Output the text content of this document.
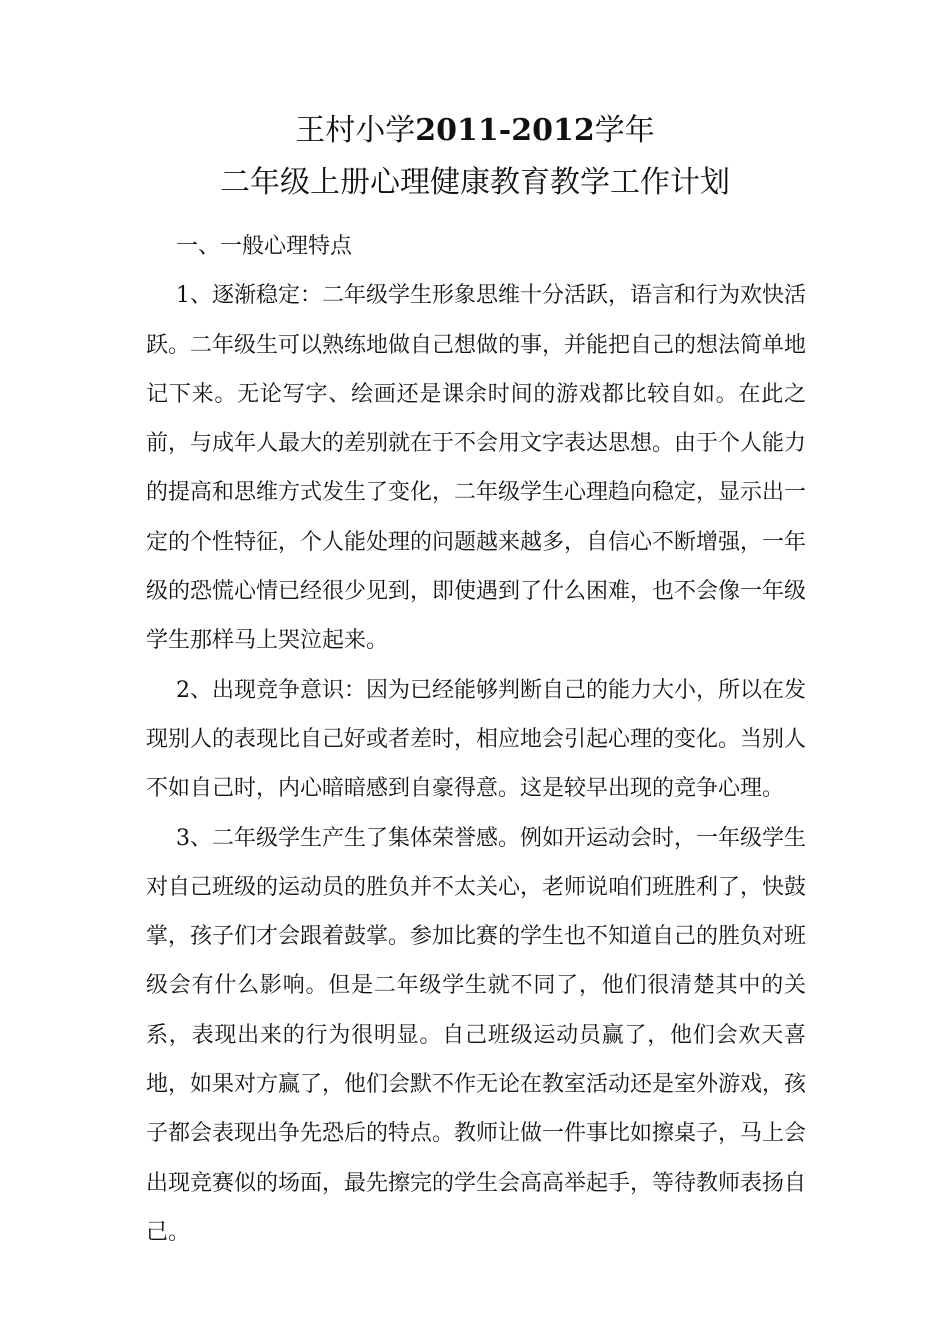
王村小学2011-2012学年
二年级上册心理健康教育教学工作计划

一、一般心理特点

1、逐渐稳定：二年级学生形象思维十分活跃，语言和行为欢快活跃。二年级生可以熟练地做自己想做的事，并能把自己的想法简单地记下来。无论写字、绘画还是课余时间的游戏都比较自如。在此之前，与成年人最大的差别就在于不会用文字表达思想。由于个人能力的提高和思维方式发生了变化，二年级学生心理趋向稳定，显示出一定的个性特征，个人能处理的问题越来越多，自信心不断增强，一年级的恐慌心情已经很少见到，即使遇到了什么困难，也不会像一年级学生那样马上哭泣起来。

2、出现竞争意识：因为已经能够判断自己的能力大小，所以在发现别人的表现比自己好或者差时，相应地会引起心理的变化。当别人不如自己时，内心暗暗感到自豪得意。这是较早出现的竞争心理。

3、二年级学生产生了集体荣誉感。例如开运动会时，一年级学生对自己班级的运动员的胜负并不太关心，老师说咱们班胜利了，快鼓掌，孩子们才会跟着鼓掌。参加比赛的学生也不知道自己的胜负对班级会有什么影响。但是二年级学生就不同了，他们很清楚其中的关系，表现出来的行为很明显。自己班级运动员赢了，他们会欢天喜地，如果对方赢了，他们会默不作无论在教室活动还是室外游戏，孩子都会表现出争先恐后的特点。教师让做一件事比如擦桌子，马上会出现竞赛似的场面，最先擦完的学生会高高举起手，等待教师表扬自己。
